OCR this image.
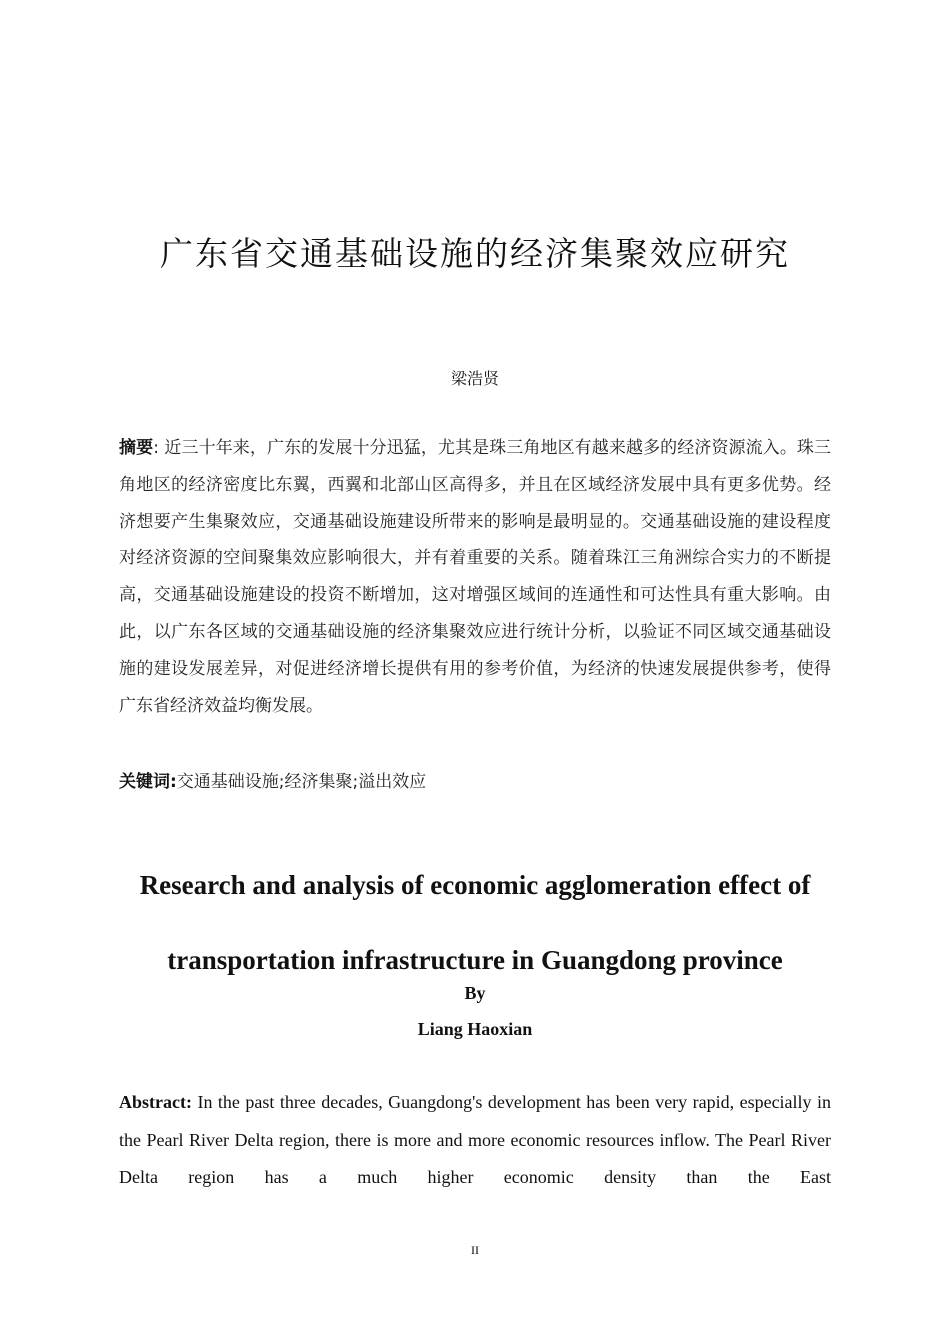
广东省交通基础设施的经济集聚效应研究
梁浩贤
摘要: 近三十年来，广东的发展十分迅猛，尤其是珠三角地区有越来越多的经济资源流入。珠三角地区的经济密度比东翼，西翼和北部山区高得多，并且在区域经济发展中具有更多优势。经济想要产生集聚效应，交通基础设施建设所带来的影响是最明显的。交通基础设施的建设程度对经济资源的空间聚集效应影响很大，并有着重要的关系。随着珠江三角洲综合实力的不断提高，交通基础设施建设的投资不断增加，这对增强区域间的连通性和可达性具有重大影响。由此，以广东各区域的交通基础设施的经济集聚效应进行统计分析，以验证不同区域交通基础设施的建设发展差异，对促进经济增长提供有用的参考价值，为经济的快速发展提供参考，使得广东省经济效益均衡发展。
关键词:交通基础设施;经济集聚;溢出效应
Research and analysis of economic agglomeration effect of transportation infrastructure in Guangdong province
By
Liang Haoxian
Abstract: In the past three decades, Guangdong's development has been very rapid, especially in the Pearl River Delta region, there is more and more economic resources inflow. The Pearl River Delta region has a much higher economic density than the East
II
